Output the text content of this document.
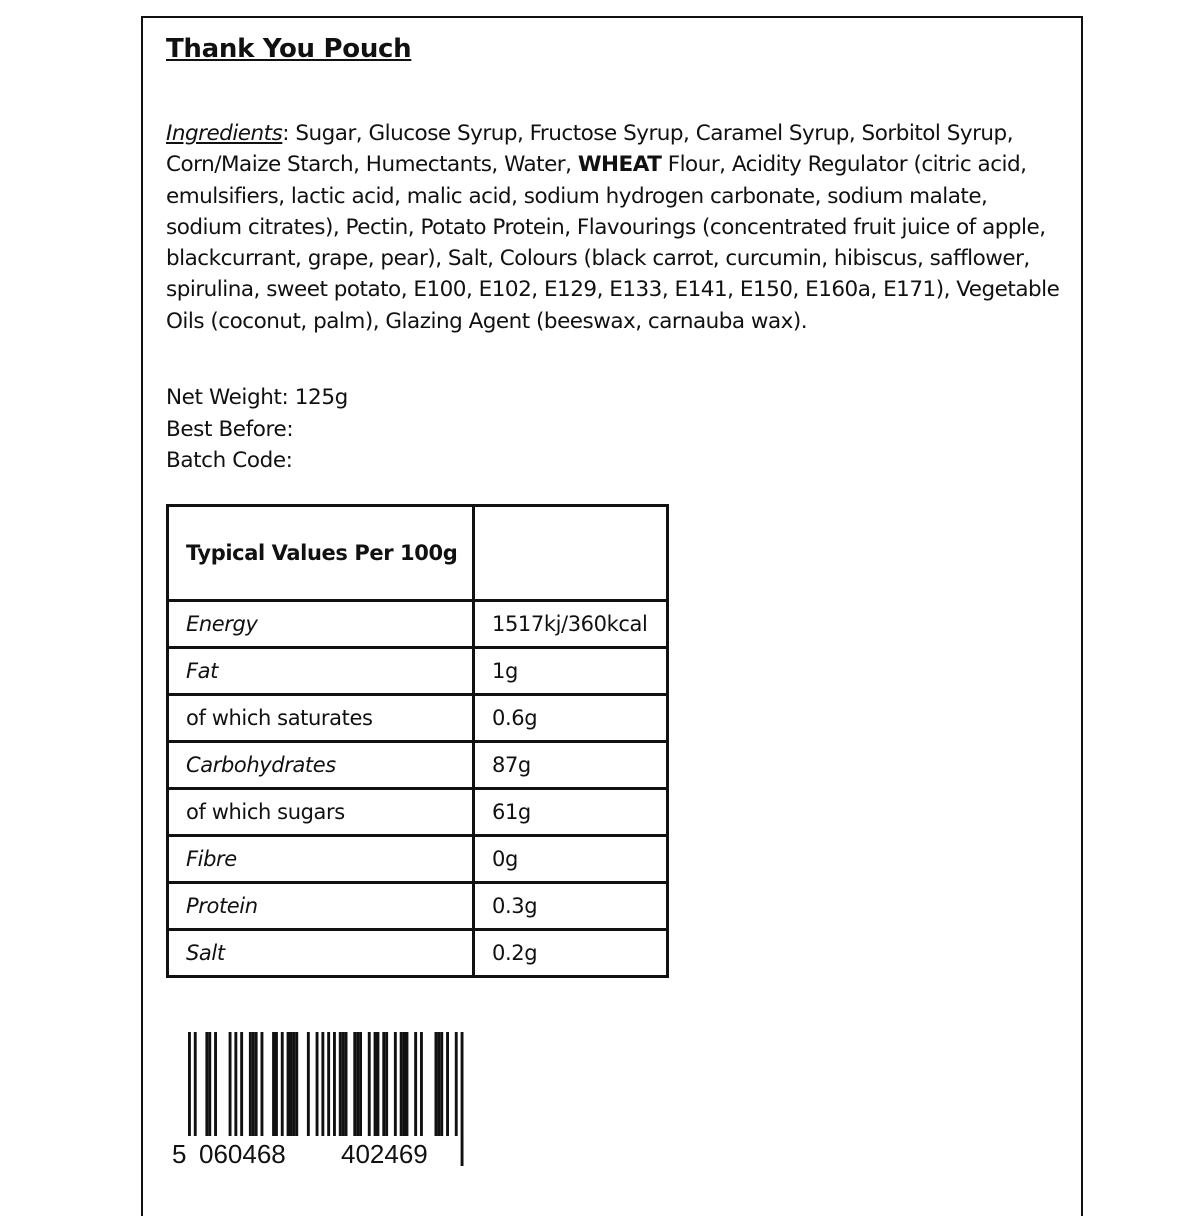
Thank You Pouch

Ingredients: Sugar, Glucose Syrup, Fructose Syrup, Caramel Syrup, Sorbitol Syrup, Corn/Maize Starch, Humectants, Water, WHEAT Flour, Acidity Regulator (citric acid, emulsifiers, lactic acid, malic acid, sodium hydrogen carbonate, sodium malate, sodium citrates), Pectin, Potato Protein, Flavourings (concentrated fruit juice of apple, blackcurrant, grape, pear), Salt, Colours (black carrot, curcumin, hibiscus, safflower, spirulina, sweet potato, E100, E102, E129, E133, E141, E150, E160a, E171), Vegetable Oils (coconut, palm), Glazing Agent (beeswax, carnauba wax).

Net Weight: 125g
Best Before:
Batch Code:
Typical Values Per 100g	
Energy	1517kj/360kcal
Fat	1g
of which saturates	0.6g
Carbohydrates	87g
of which sugars	61g
Fibre	0g
Protein	0.3g
Salt	0.2g
5 060468 402469
